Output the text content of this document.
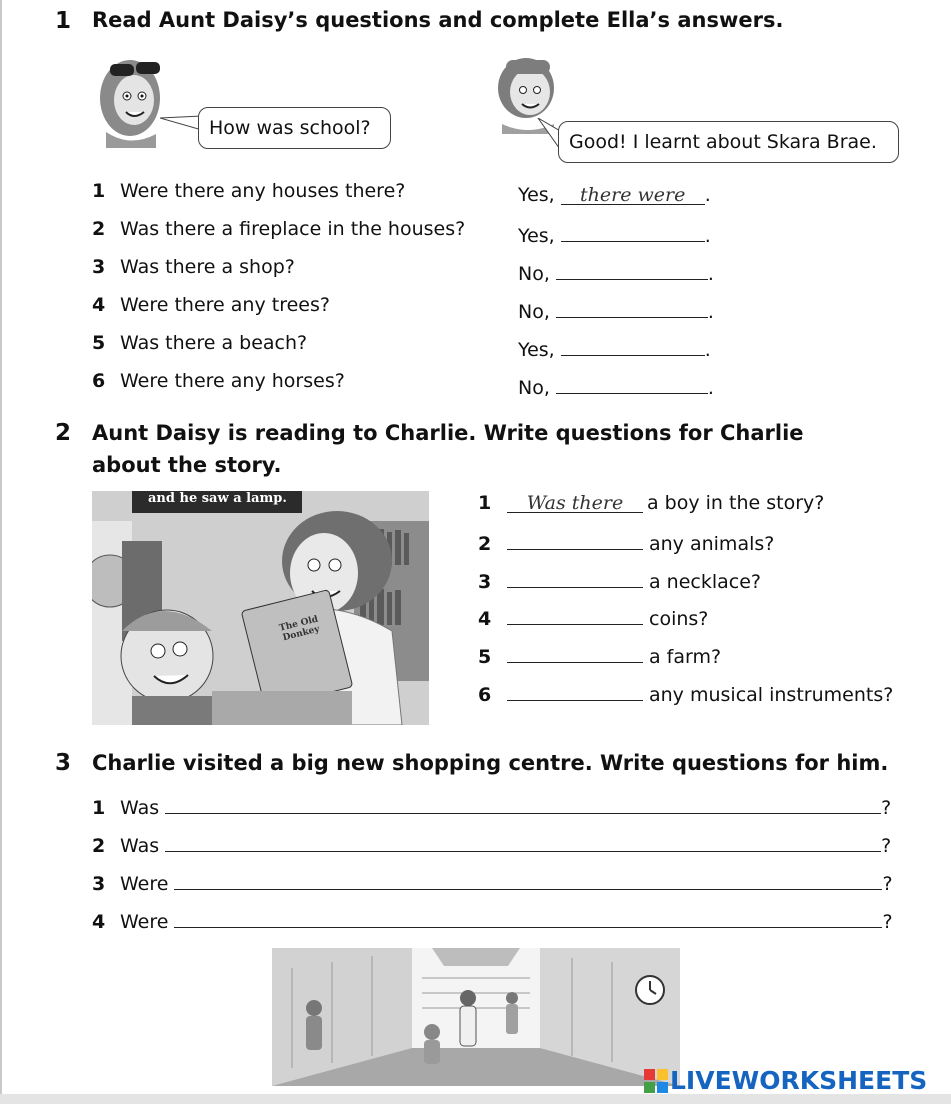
1 Read Aunt Daisy’s questions and complete Ella’s answers.
How was school?
Good! I learnt about Skara Brae.
1 Were there any houses there?	Yes,	there were	.
2 Was there a fireplace in the houses?	Yes,	.
3 Was there a shop?	No,	.
4 Were there any trees?	No,	.
5 Was there a beach?	Yes,	.
6 Were there any horses?	No,	.
2 Aunt Daisy is reading to Charlie. Write questions for Charlie
about the story.
and he saw a lamp.
The Old Donkey
1	Was there	a boy in the story?
2	any animals?
3	a necklace?
4	coins?
5	a farm?
6	any musical instruments?
3 Charlie visited a big new shopping centre. Write questions for him.
1 Was	?
2 Was	?
3 Were	?
4 Were	?
LIVEWORKSHEETS
